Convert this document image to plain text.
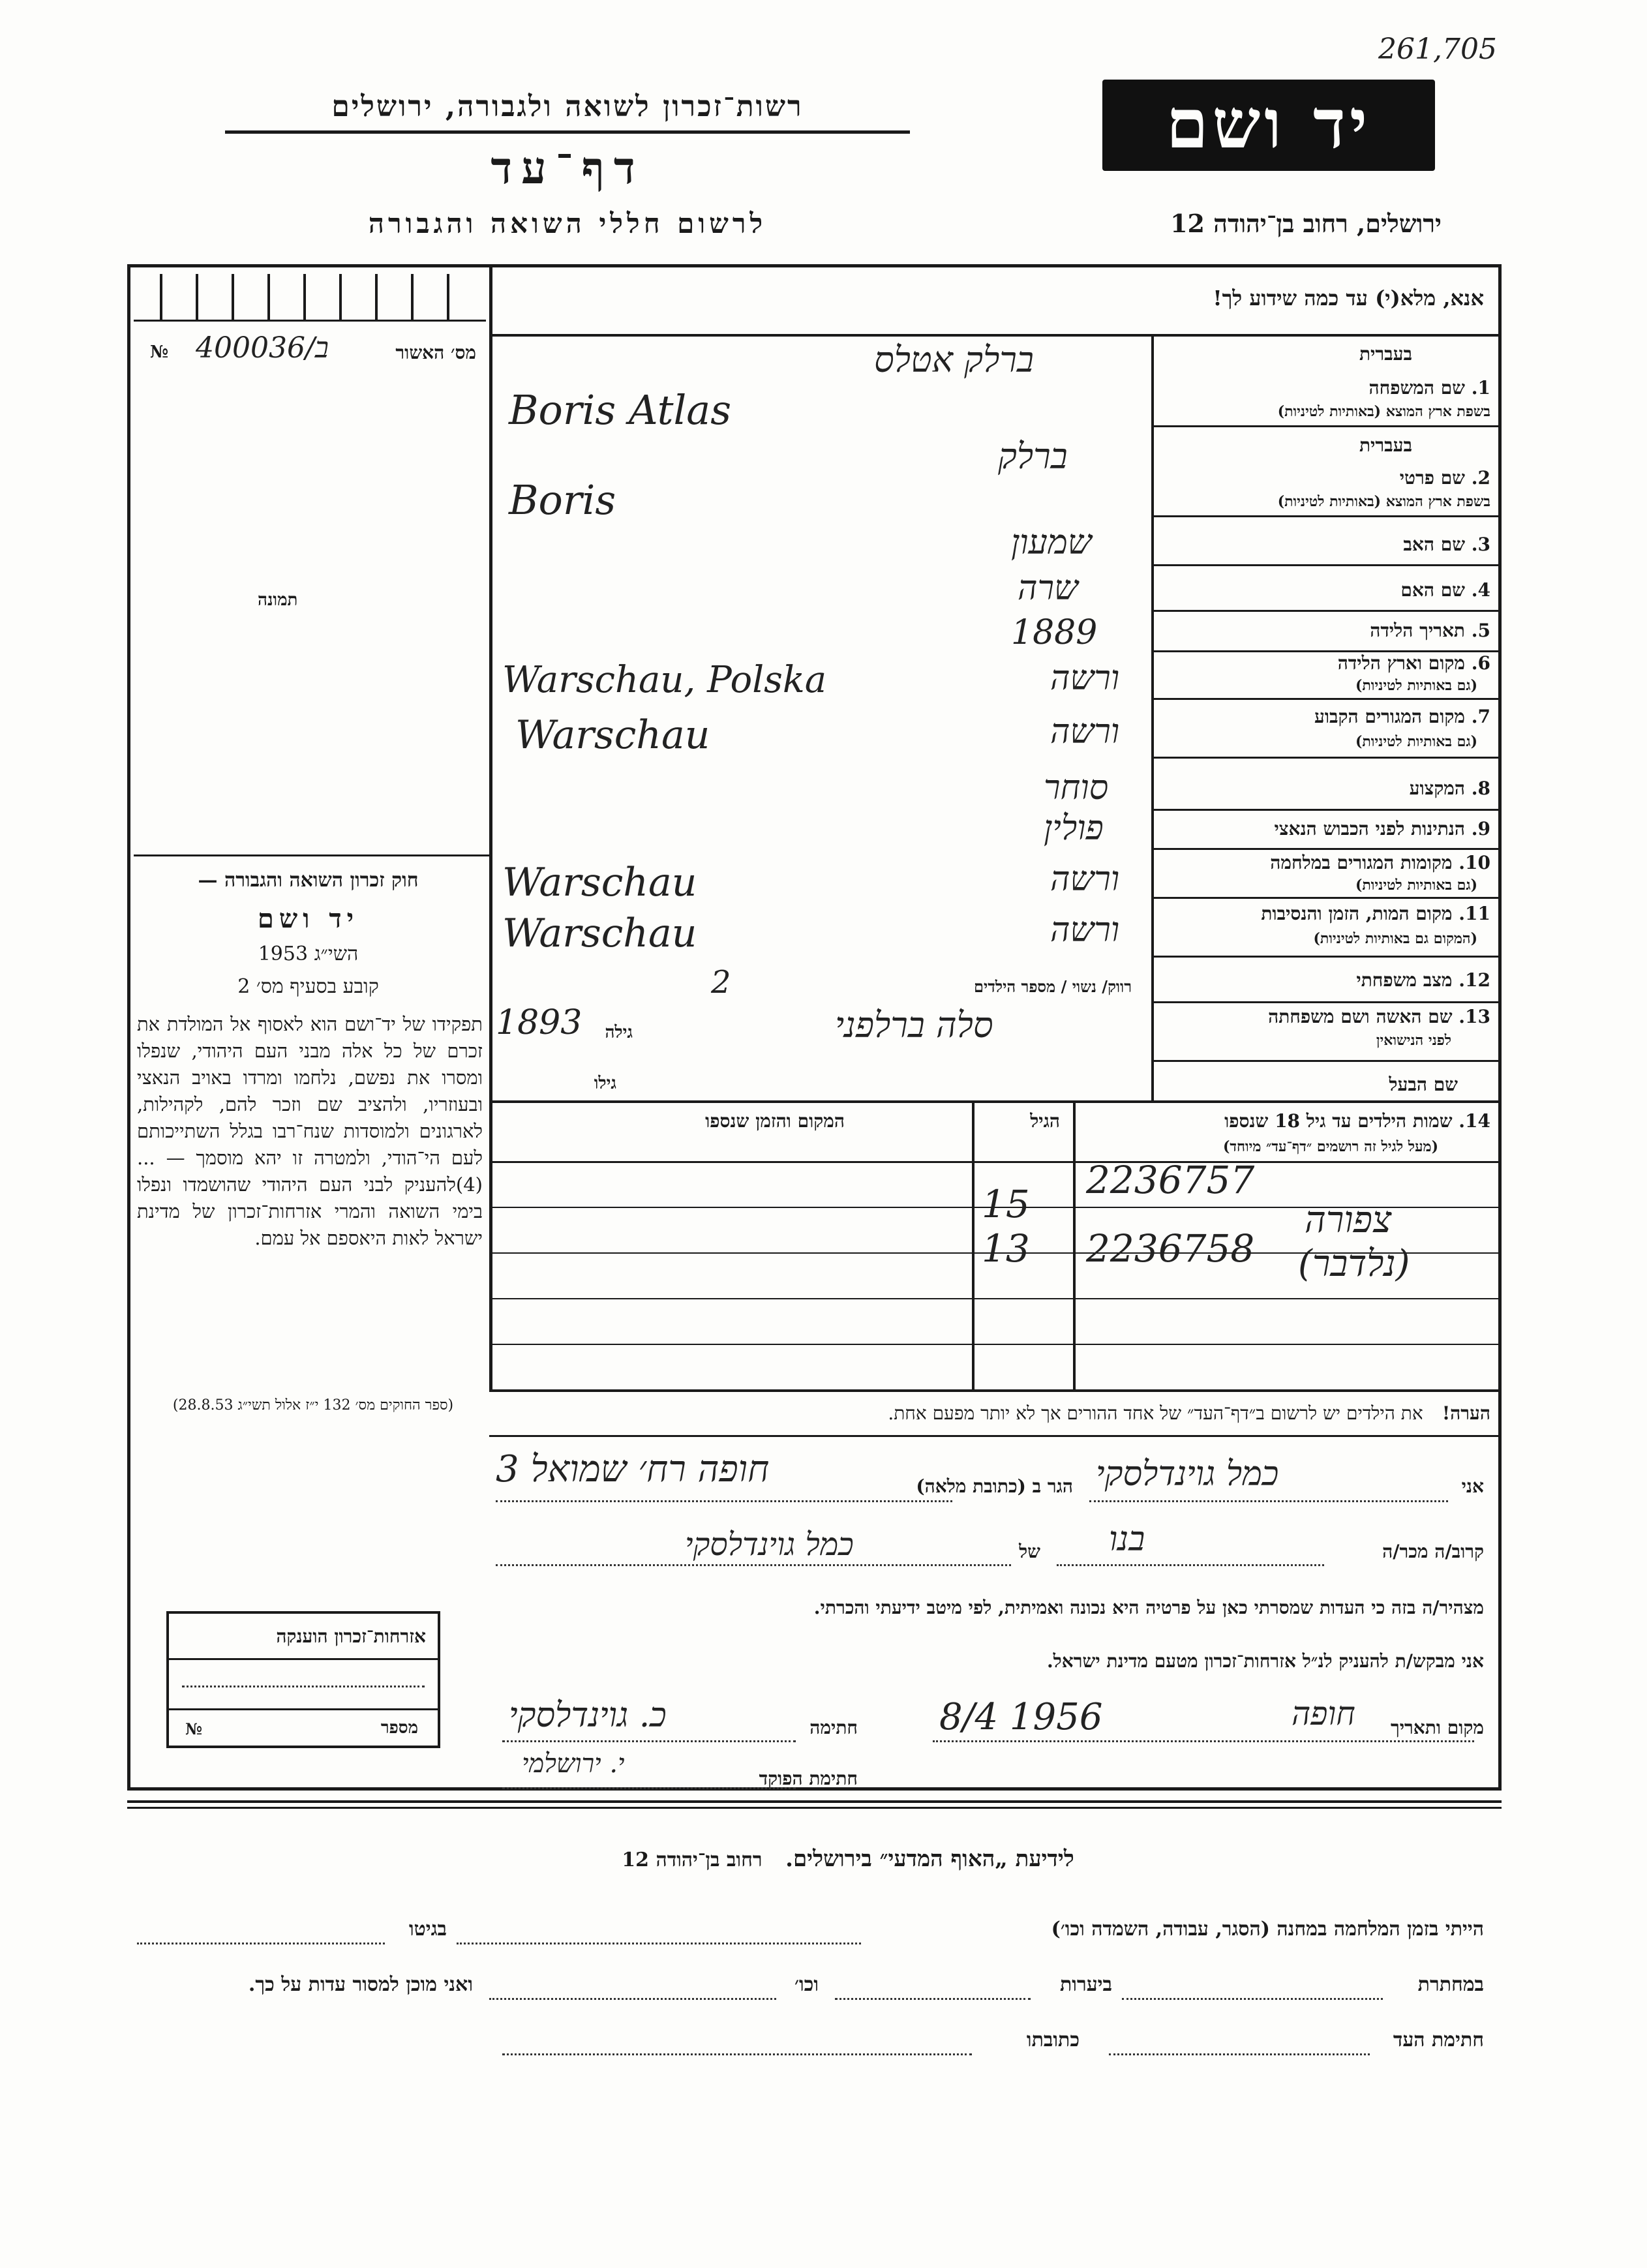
261,705
יד ושם
ירושלים, רחוב בן־יהודה 12
רשות־זכרון לשואה ולגבורה, ירושלים
דף־עד
לרשום חללי השואה והגבורה
אנא, מלא(י) עד כמה שידוע לך!
№ 400036/ב	מס׳ האשור
תמונה
חוק זכרון השואה והגבורה —
יד ושם
השי״ג 1953
קובע בסעיף מס׳ 2
תפקידו של יד־ושם הוא לאסוף אל המולדת את זכרם של כל אלה מבני העם היהודי, שנפלו ומסרו את נפשם, נלחמו ומרדו באויב הנאצי ובעוזריו, ולהציב שם וזכר להם, לקהילות, לארגונים ולמוסדות שנח־רבו בגלל השתייכותם לעם הי־הודי, ולמטרה זו יהא מוסמך — ...(4)להעניק לבני העם היהודי שהושמדו ונפלו בימי השואה והמרי אזרחות־זכרון של מדינת ישראל לאות היאספם אל עמם.
(ספר החוקים מס׳ 132 י״ז אלול תשי״ג 28.8.53)
בעברית
1. שם המשפחה
בשפת ארץ המוצא (באותיות לטיניות)
ברלק אטלס
Boris Atlas
בעברית
2. שם פרטי
בשפת ארץ המוצא (באותיות לטיניות)
ברלק
Boris
3. שם האב
שמעון
4. שם האם
שרה
5. תאריך הלידה
1889
6. מקום וארץ הלידה
(גם באותיות לטיניות)
ורשה
Warschau, Polska
7. מקום המגורים הקבוע
(גם באותיות לטיניות)
ורשה
Warschau
8. המקצוע
סוחר
9. הנתינות לפני הכבוש הנאצי
פולין
10. מקומות המגורים במלחמה
(גם באותיות לטיניות)
ורשה
Warschau
11. מקום המות, הזמן והנסיבות
(המקום גם באותיות לטיניות)
ורשה
Warschau
12. מצב משפחתי
רווק/ נשוי / מספר הילדים
2
13. שם האשה ושם משפחתה
לפני הנישואין
סלה ברלפני
גילה
1893
שם הבעל
גילו
14. שמות הילדים עד גיל 18 שנספו
(מעל לגיל זה רושמים ״דף־עד״ מיוחד)
הגיל
המקום והזמן שנספו
צפורה
2236757
15
(נלדבר)
2236758
13
הערה!   את הילדים יש לרשום ב״דף־העד״ של אחד ההורים אך לא יותר מפעם אחת.
אני
כמל גוינדלסקי
הגר ב (כתובת מלאה)
חופה רח׳ שמואל 3
קרוב/ה מכר/ה
בנו
של
כמל גוינדלסקי
מצהיר/ה בזה כי העדות שמסרתי כאן על פרטיה היא נכונה ואמיתית, לפי מיטב ידיעתי והכרתי.
אני מבקש/ת להעניק לנ״ל אזרחות־זכרון מטעם מדינת ישראל.
מקום ותאריך
חופה
8/4 1956
חתימה
כ. גוינדלסקי
חתימת הפוקד
י. ירושלמי
אזרחות־זכרון הוענקה
№	מספר
לידיעת „האוף המדעי״ בירושלים.   רחוב בן־יהודה 12
הייתי בזמן המלחמה במחנה (הסגר, עבודה, השמדה וכו׳)
בגיטו
במחתרת
ביערות
וכו׳
ואני מוכן למסור עדות על כך.
חתימת העד
כתובתו
